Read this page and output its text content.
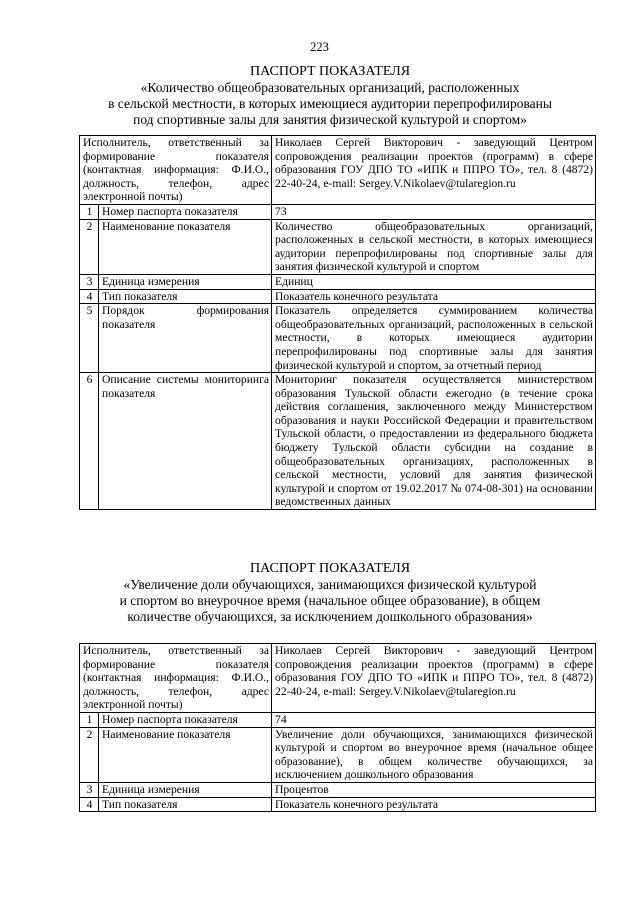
223
ПАСПОРТ ПОКАЗАТЕЛЯ
«Количество общеобразовательных организаций, расположенных
в сельской местности, в которых имеющиеся аудитории перепрофилированы
под спортивные залы для занятия физической культурой и спортом»
Исполнитель, ответственный за формирование показателя (контактная информация: Ф.И.О., должность, телефон, адрес электронной почты)		Николаев Сергей Викторович - заведующий Центром сопровождения реализации проектов (программ) в сфере образования ГОУ ДПО ТО «ИПК и ППРО ТО», тел. 8 (4872) 22-40-24, e-mail: Sergey.V.Nikolaev@tularegion.ru
1	Номер паспорта показателя	73
2	Наименование показателя	Количество общеобразовательных организаций, расположенных в сельской местности, в которых имеющиеся аудитории перепрофилированы под спортивные залы для занятия физической культурой и спортом
3	Единица измерения	Единиц
4	Тип показателя	Показатель конечного результата
5	Порядок формирования показателя	Показатель определяется суммированием количества общеобразовательных организаций, расположенных в сельской местности, в которых имеющиеся аудитории перепрофилированы под спортивные залы для занятия физической культурой и спортом, за отчетный период
6	Описание системы мониторинга показателя	Мониторинг показателя осуществляется министерством образования Тульской области ежегодно (в течение срока действия соглашения, заключенного между Министерством образования и науки Российской Федерации и правительством Тульской области, о предоставлении из федерального бюджета бюджету Тульской области субсидии на создание в общеобразовательных организациях, расположенных в сельской местности, условий для занятия физической культурой и спортом от 19.02.2017 № 074-08-301) на основании ведомственных данных
ПАСПОРТ ПОКАЗАТЕЛЯ
«Увеличение доли обучающихся, занимающихся физической культурой
и спортом во внеурочное время (начальное общее образование), в общем
количестве обучающихся, за исключением дошкольного образования»
Исполнитель, ответственный за формирование показателя (контактная информация: Ф.И.О., должность, телефон, адрес электронной почты)		Николаев Сергей Викторович - заведующий Центром сопровождения реализации проектов (программ) в сфере образования ГОУ ДПО ТО «ИПК и ППРО ТО», тел. 8 (4872) 22-40-24, e-mail: Sergey.V.Nikolaev@tularegion.ru
1	Номер паспорта показателя	74
2	Наименование показателя	Увеличение доли обучающихся, занимающихся физической культурой и спортом во внеурочное время (начальное общее образование), в общем количестве обучающихся, за исключением дошкольного образования
3	Единица измерения	Процентов
4	Тип показателя	Показатель конечного результата
